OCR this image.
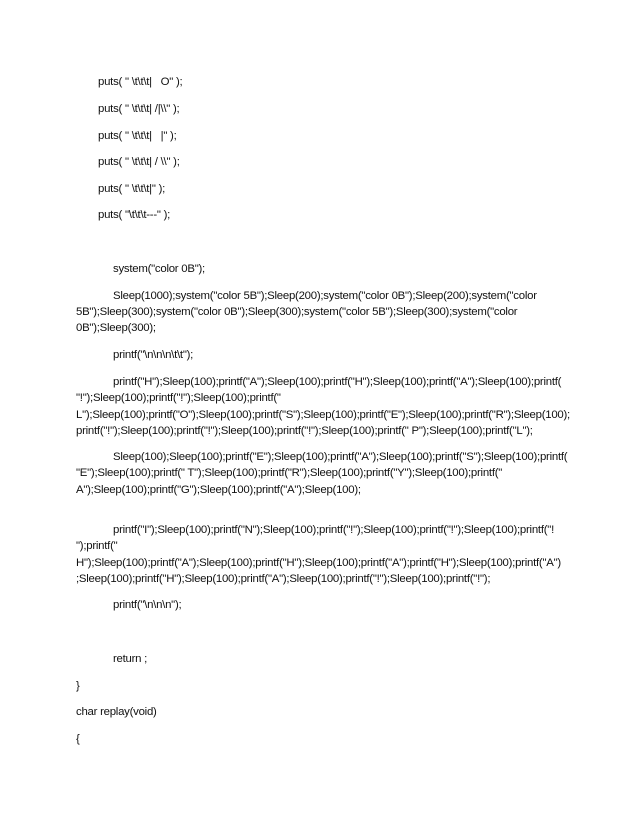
puts( " \t\t\t|   O" );
puts( " \t\t\t| /|\\" );
puts( " \t\t\t|   |" );
puts( " \t\t\t| / \\" );
puts( " \t\t\t|" );
puts( "\t\t\t---" );
system("color 0B");
Sleep(1000);system("color 5B");Sleep(200);system("color 0B");Sleep(200);system("color
5B");Sleep(300);system("color 0B");Sleep(300);system("color 5B");Sleep(300);system("color
0B");Sleep(300);
printf("\n\n\n\t\t");
printf("H");Sleep(100);printf("A");Sleep(100);printf("H");Sleep(100);printf("A");Sleep(100);printf(
"!");Sleep(100);printf("!");Sleep(100);printf("
L");Sleep(100);printf("O");Sleep(100);printf("S");Sleep(100);printf("E");Sleep(100);printf("R");Sleep(100);
printf("!");Sleep(100);printf("!");Sleep(100);printf("!");Sleep(100);printf(" P");Sleep(100);printf("L");
Sleep(100);Sleep(100);printf("E");Sleep(100);printf("A");Sleep(100);printf("S");Sleep(100);printf(
"E");Sleep(100);printf(" T");Sleep(100);printf("R");Sleep(100);printf("Y");Sleep(100);printf("
A");Sleep(100);printf("G");Sleep(100);printf("A");Sleep(100);
printf("I");Sleep(100);printf("N");Sleep(100);printf("!");Sleep(100);printf("!");Sleep(100);printf("!
");printf("
H");Sleep(100);printf("A");Sleep(100);printf("H");Sleep(100);printf("A");printf("H");Sleep(100);printf("A")
;Sleep(100);printf("H");Sleep(100);printf("A");Sleep(100);printf("!");Sleep(100);printf("!");
printf("\n\n\n");
return ;
}
char replay(void)
{
